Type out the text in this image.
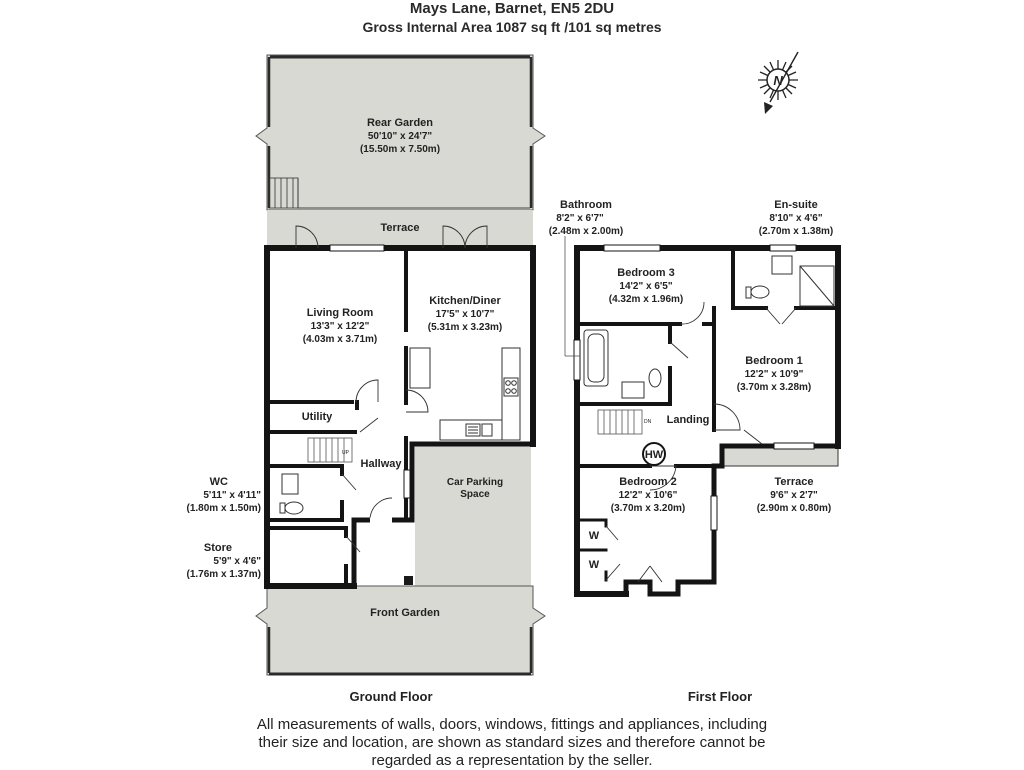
Mays Lane, Barnet, EN5 2DU
Gross Internal Area 1087 sq ft /101 sq metres
Rear Garden
50'10" x 24'7"
(15.50m x 7.50m)
Terrace
Car Parking
Space
Front Garden
UP
Living Room
13'3" x 12'2"
(4.03m x 3.71m)
Kitchen/Diner
17'5" x 10'7"
(5.31m x 3.23m)
Utility
Hallway
WC
5'11" x 4'11"
(1.80m x 1.50m)
Store
5'9" x 4'6"
(1.76m x 1.37m)
Ground Floor
DN
HW
W
W
Bathroom
8'2" x 6'7"
(2.48m x 2.00m)
En-suite
8'10" x 4'6"
(2.70m x 1.38m)
Bedroom 3
14'2" x 6'5"
(4.32m x 1.96m)
Bedroom 1
12'2" x 10'9"
(3.70m x 3.28m)
Landing
Bedroom 2
12'2" x 10'6"
(3.70m x 3.20m)
Terrace
9'6" x 2'7"
(2.90m x 0.80m)
First Floor
N
All measurements of walls, doors, windows, fittings and appliances, including
their size and location, are shown as standard sizes and therefore cannot be
regarded as a representation by the seller.
